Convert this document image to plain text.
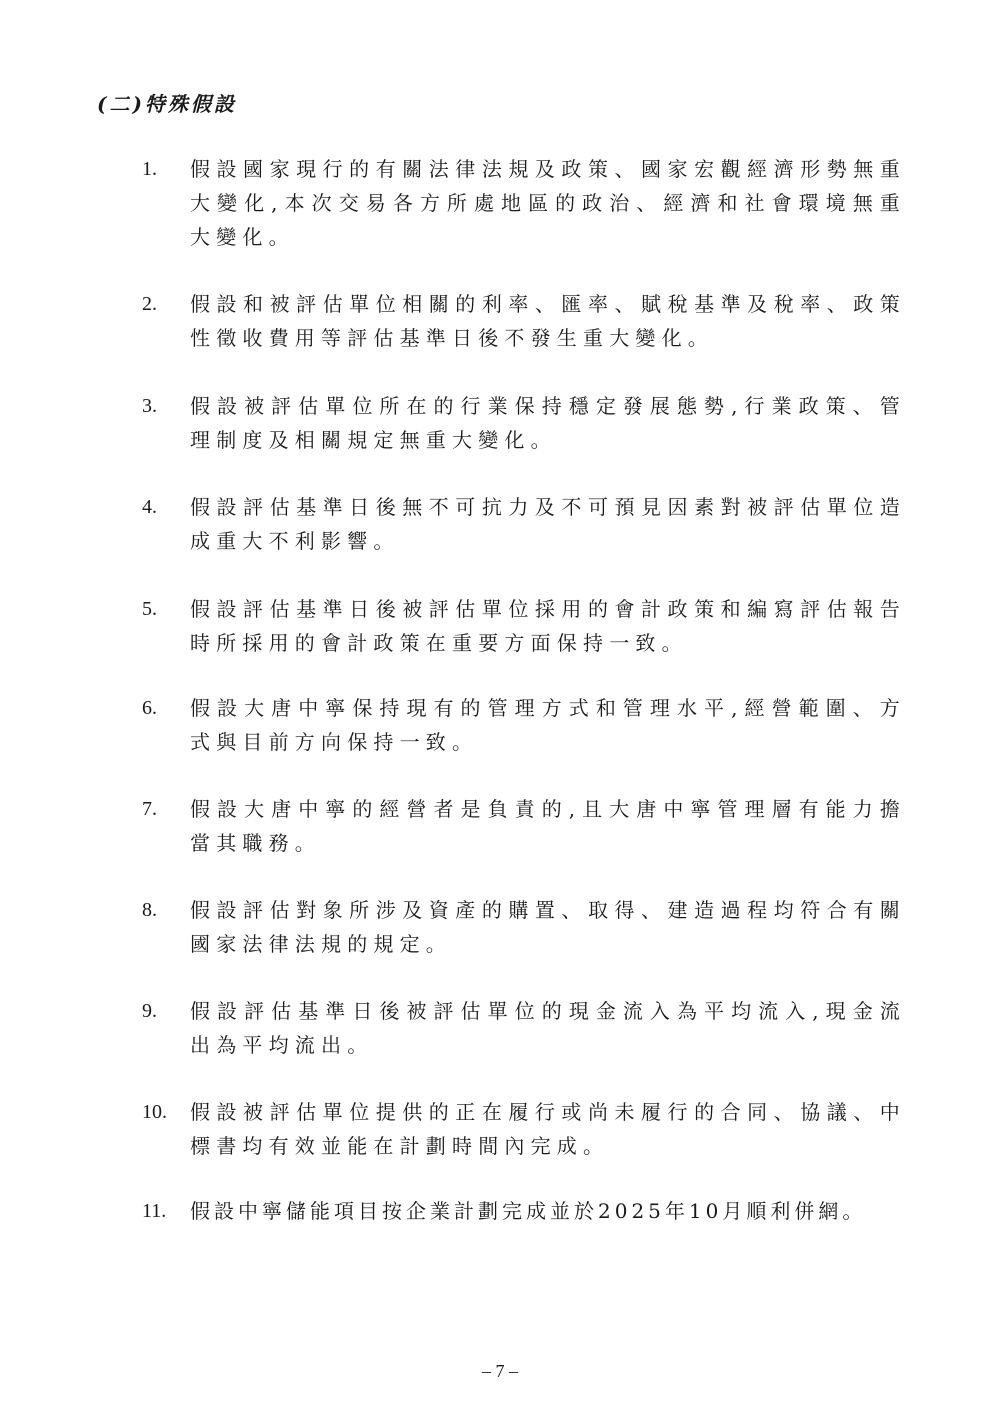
(二)特殊假設
1.	假設國家現行的有關法律法規及政策、國家宏觀經濟形勢無重大變化,本次交易各方所處地區的政治、經濟和社會環境無重大變化。
2.	假設和被評估單位相關的利率、匯率、賦稅基準及稅率、政策性徵收費用等評估基準日後不發生重大變化。
3.	假設被評估單位所在的行業保持穩定發展態勢,行業政策、管理制度及相關規定無重大變化。
4.	假設評估基準日後無不可抗力及不可預見因素對被評估單位造成重大不利影響。
5.	假設評估基準日後被評估單位採用的會計政策和編寫評估報告時所採用的會計政策在重要方面保持一致。
6.	假設大唐中寧保持現有的管理方式和管理水平,經營範圍、方式與目前方向保持一致。
7.	假設大唐中寧的經營者是負責的,且大唐中寧管理層有能力擔當其職務。
8.	假設評估對象所涉及資產的購置、取得、建造過程均符合有關國家法律法規的規定。
9.	假設評估基準日後被評估單位的現金流入為平均流入,現金流出為平均流出。
10.	假設被評估單位提供的正在履行或尚未履行的合同、協議、中標書均有效並能在計劃時間內完成。
11.	假設中寧儲能項目按企業計劃完成並於2025年10月順利併網。
– 7 –
